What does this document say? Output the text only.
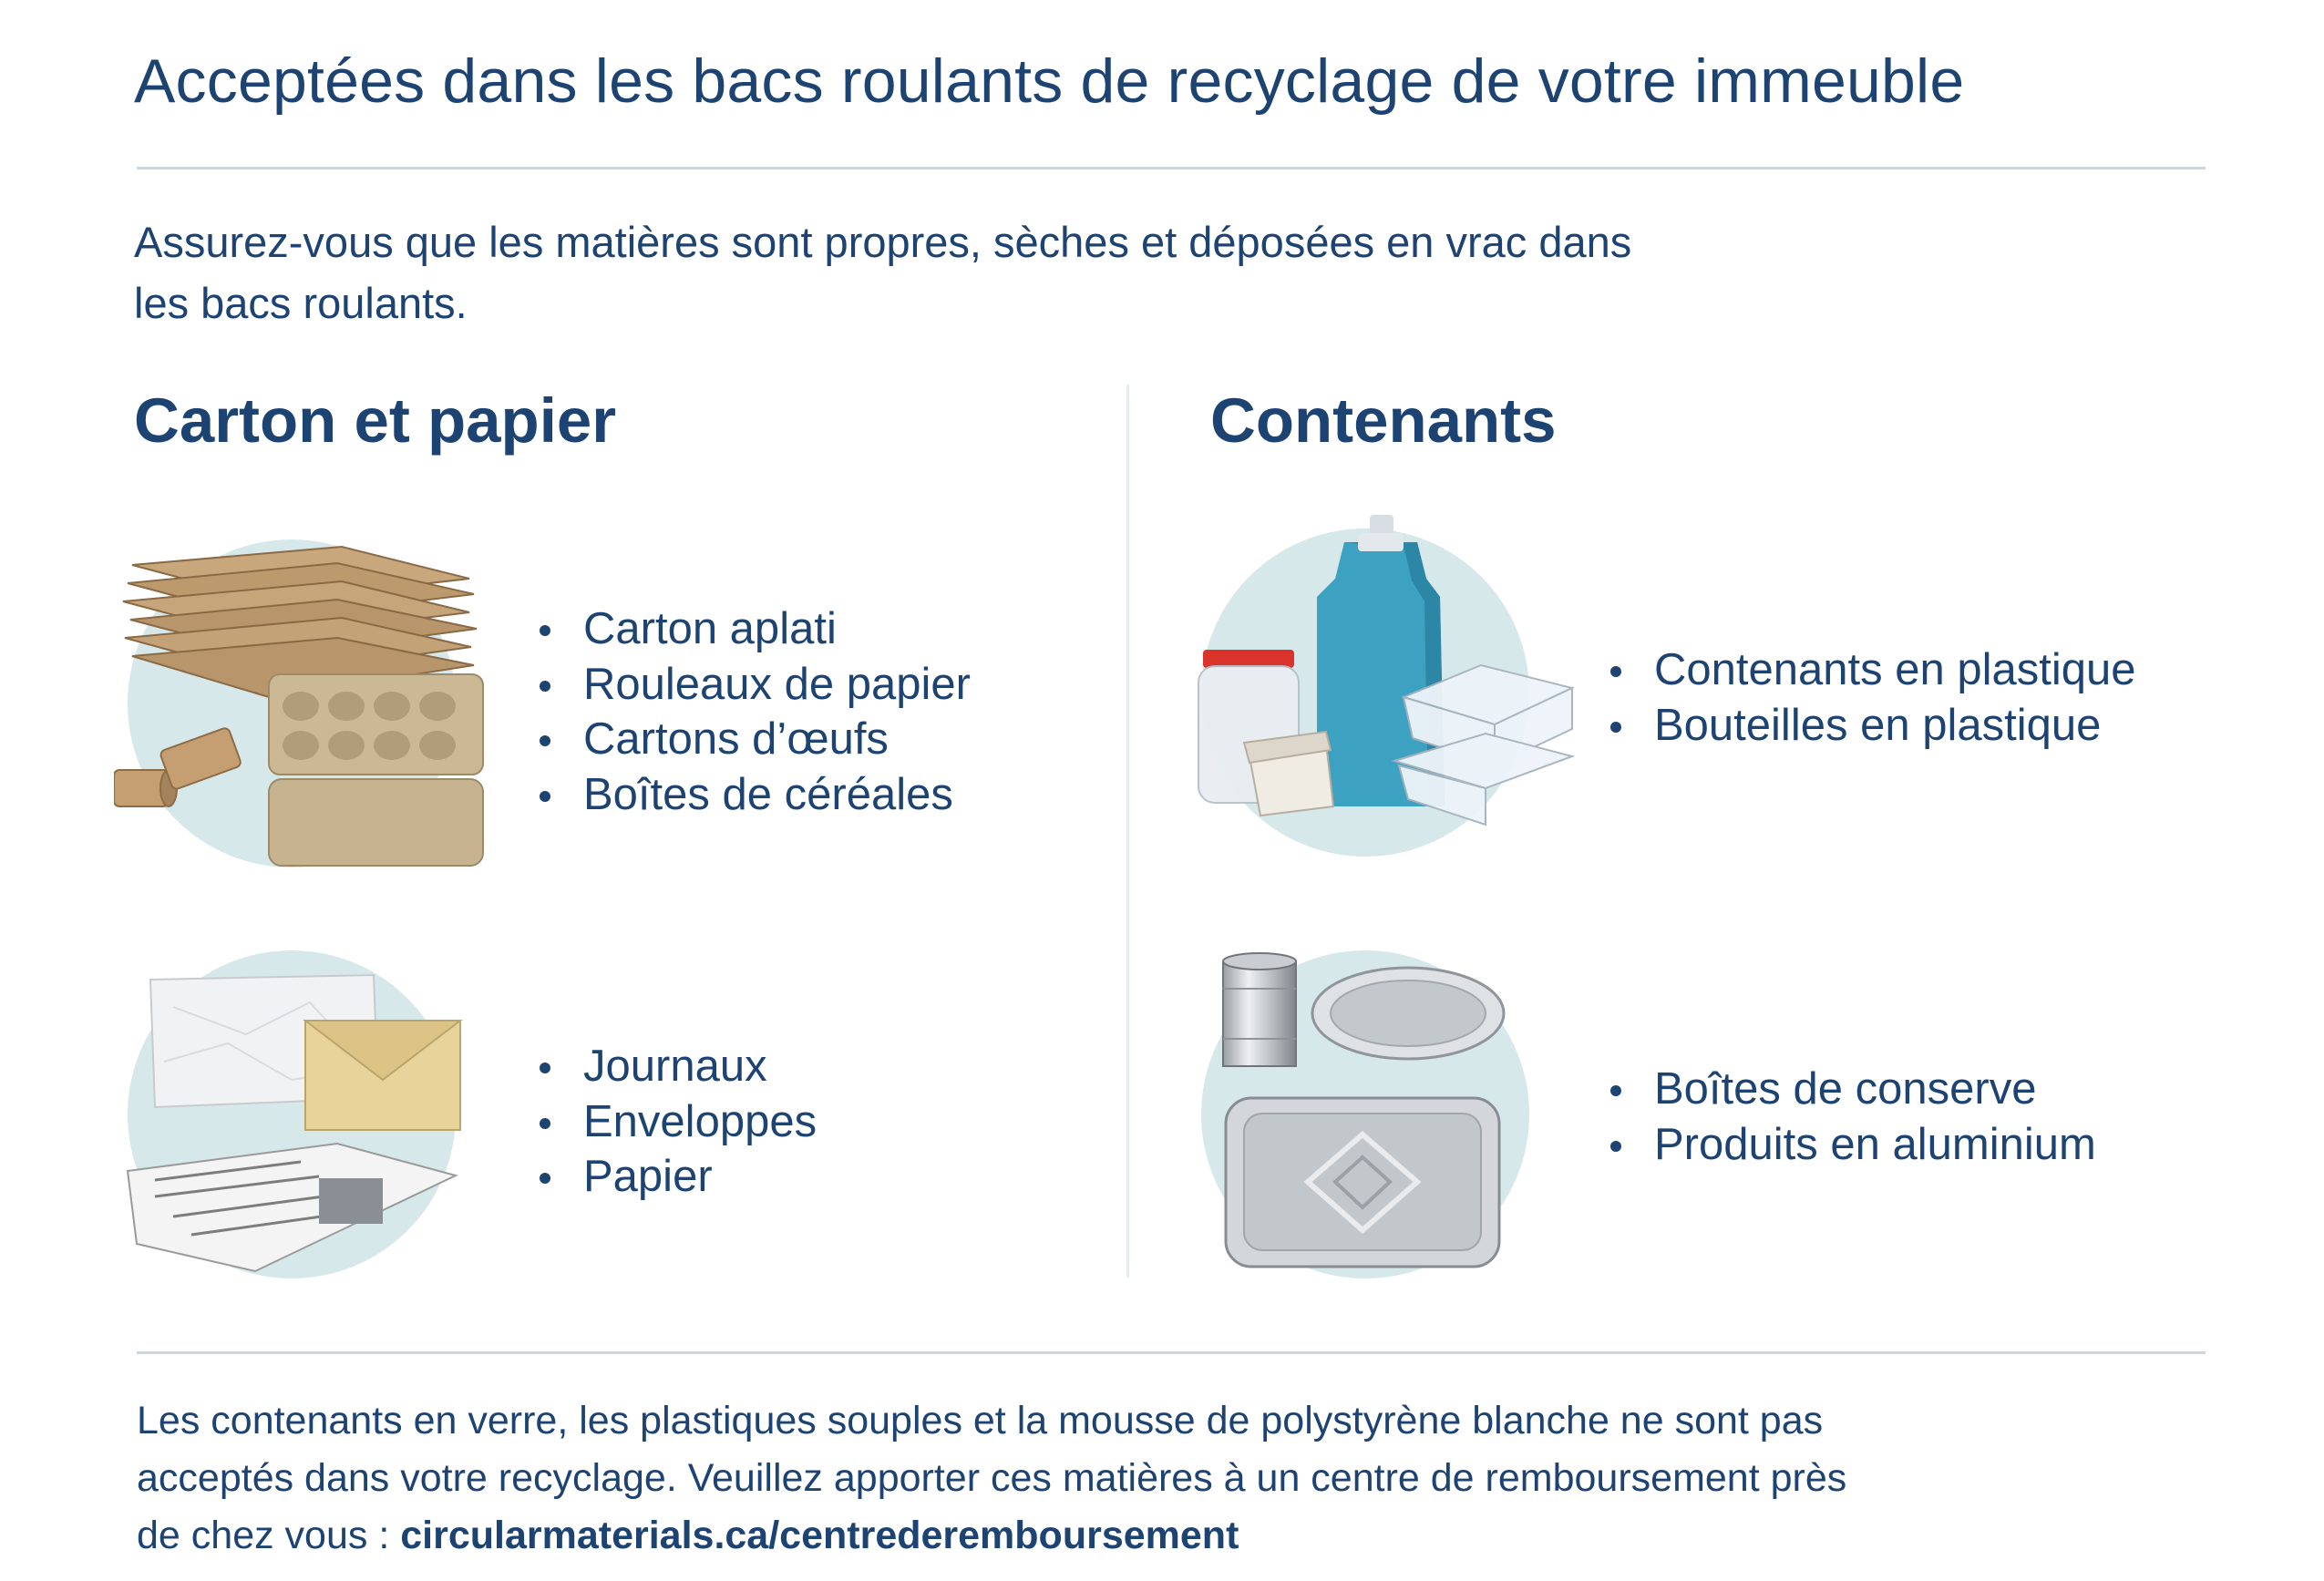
Acceptées dans les bacs roulants de recyclage de votre immeuble
Assurez-vous que les matières sont propres, sèches et déposées en vrac dans
les bacs roulants.
Carton et papier
Carton aplati
Rouleaux de papier
Cartons d’œufs
Boîtes de céréales
Journaux
Enveloppes
Papier
Contenants
Contenants en plastique
Bouteilles en plastique
Boîtes de conserve
Produits en aluminium
Les contenants en verre, les plastiques souples et la mousse de polystyrène blanche ne sont pas
acceptés dans votre recyclage. Veuillez apporter ces matières à un centre de remboursement près
de chez vous : circularmaterials.ca/centrederemboursement
